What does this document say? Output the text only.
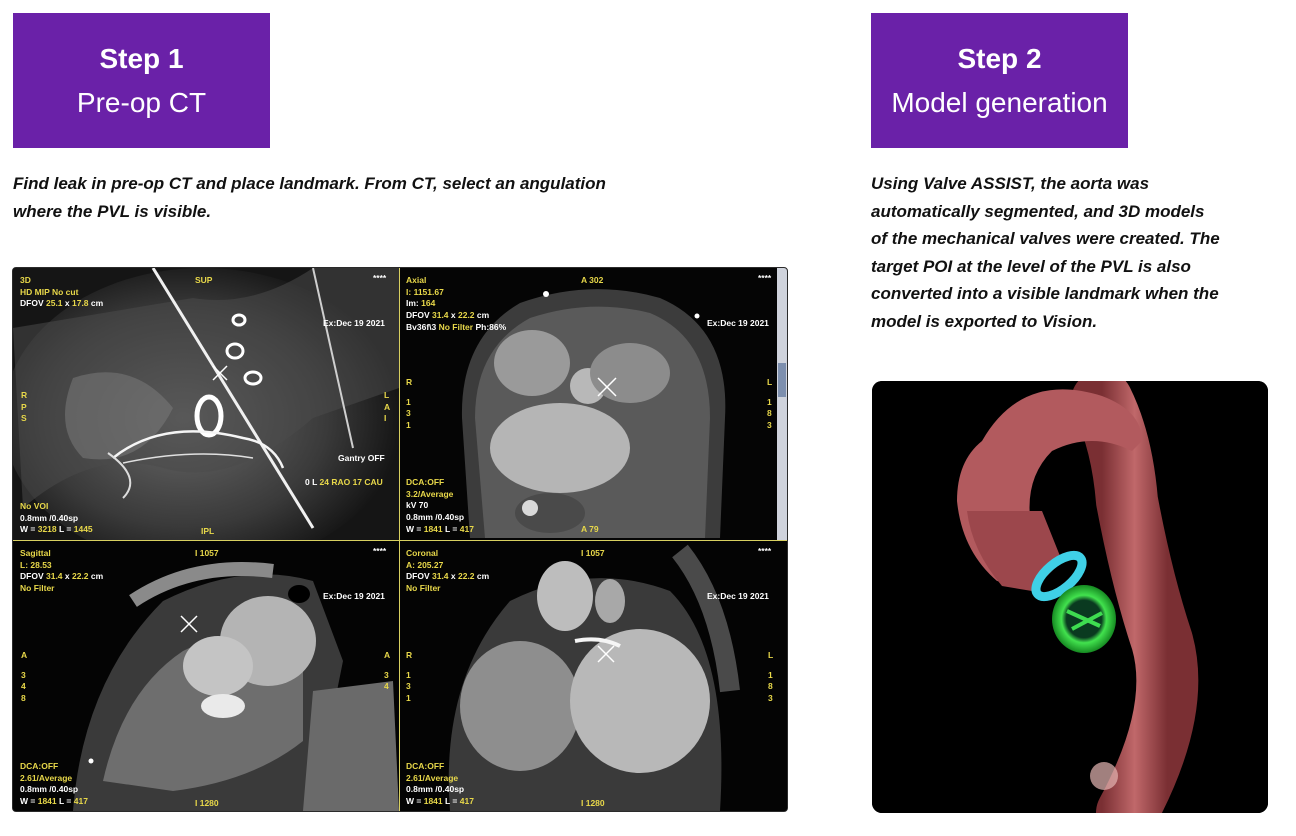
Step 1
Pre-op CT
Step 2
Model generation
Find leak in pre-op CT and place landmark. From CT, select an angulation
where the PVL is visible.
Using Valve ASSIST, the aorta was
automatically segmented, and 3D models
of the mechanical valves were created. The
target POI at the level of the PVL is also
converted into a visible landmark when the
model is exported to Vision.
3D
HD MIP No cut
DFOV 25.1 x 17.8 cm
SUP	****
Ex:Dec 19 2021
R
P
S
L
A
I
Gantry OFF
0 L 24 RAO 17 CAU
No VOI
0.8mm /0.40sp
W = 3218 L = 1445	IPL
Axial
I: 1151.67
Im: 164
DFOV 31.4 x 22.2 cm
Bv36f\3 No Filter Ph:86%
A 302	****
Ex:Dec 19 2021
R
1
3
1
L
1
8
3
DCA:OFF
3.2/Average
kV 70
0.8mm /0.40sp
W = 1841 L = 417	A 79
Sagittal
L: 28.53
DFOV 31.4 x 22.2 cm
No Filter
I 1057	****
Ex:Dec 19 2021
A
3
4
8
A
3
4
DCA:OFF
2.61/Average
0.8mm /0.40sp
W = 1841 L = 417	I 1280
Coronal
A: 205.27
DFOV 31.4 x 22.2 cm
No Filter
I 1057	****
Ex:Dec 19 2021
R
1
3
1
L
1
8
3
DCA:OFF
2.61/Average
0.8mm /0.40sp
W = 1841 L = 417	I 1280
